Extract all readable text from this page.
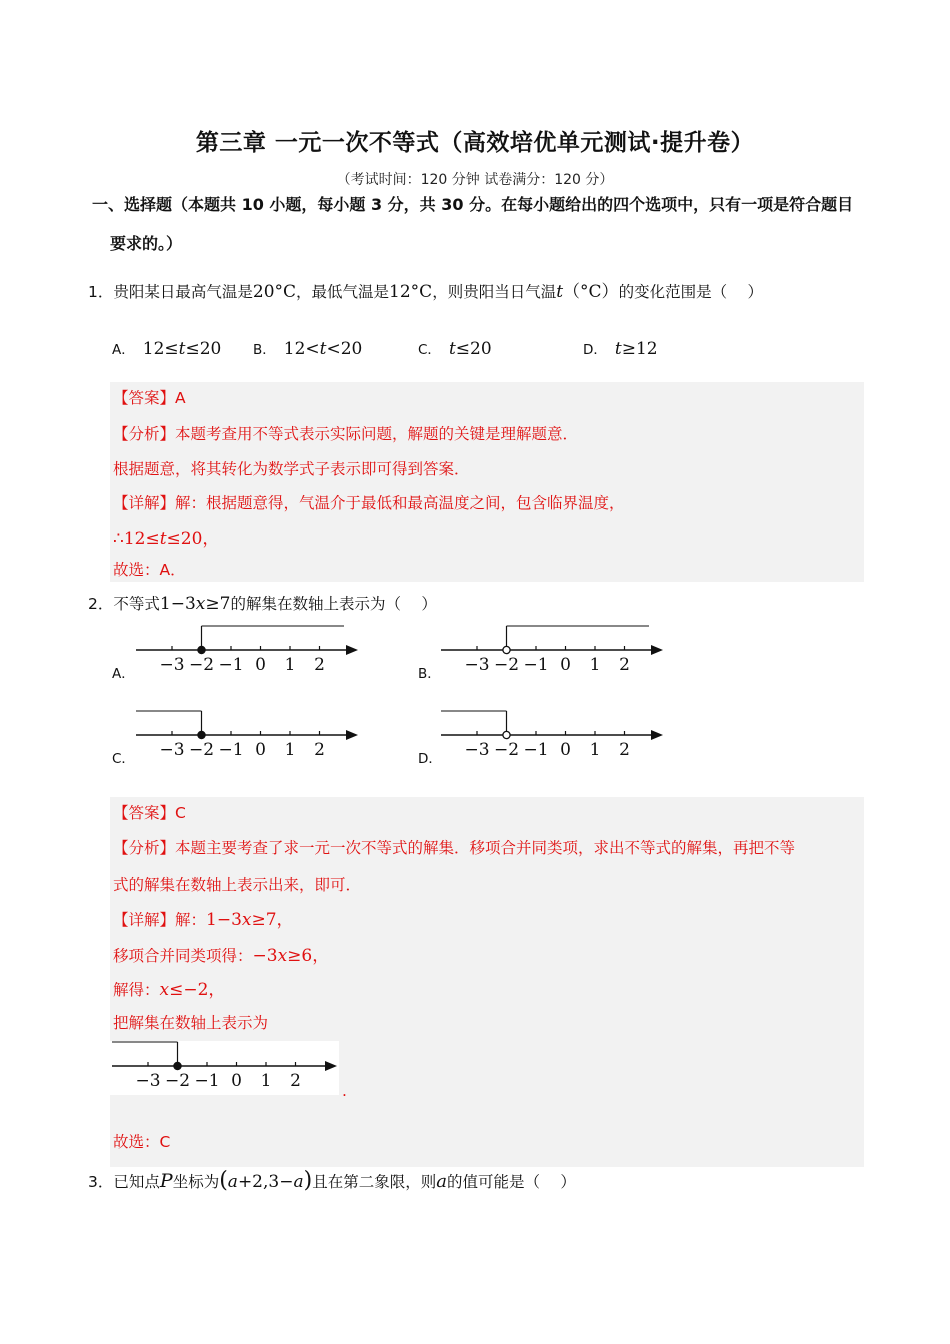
第三章 一元一次不等式（高效培优单元测试·提升卷）
（考试时间：120 分钟 试卷满分：120 分）
一、选择题（本题共 10 小题，每小题 3 分，共 30 分。在每小题给出的四个选项中，只有一项是符合题目
要求的。）
1．贵阳某日最高气温是20°C，最低气温是12°C，则贵阳当日气温t（°C）的变化范围是（　 ）
A． 12≤t≤20 B． 12<t<20	C． t≤20	D． t≥12
【答案】A
【分析】本题考查用不等式表示实际问题，解题的关键是理解题意．
根据题意，将其转化为数学式子表示即可得到答案．
【详解】解：根据题意得，气温介于最低和最高温度之间，包含临界温度，
∴12≤t≤20，
故选：A．
2．不等式1−3x≥7的解集在数轴上表示为（　 ）
A．	B．
C．	D．
−3 −2 −1 0 1 2	−3 −2 −1 0 1 2
−3 −2 −1 0 1 2	−3 −2 −1 0 1 2
【答案】C
【分析】本题主要考查了求一元一次不等式的解集．移项合并同类项，求出不等式的解集，再把不等
式的解集在数轴上表示出来，即可．
【详解】解：1−3x≥7，
移项合并同类项得：−3x≥6，
解得：x≤−2，
把解集在数轴上表示为
−3 −2 −1 0 1 2	.
故选：C
3．已知点P坐标为(a+2,3−a)且在第二象限，则a的值可能是（　 ）
